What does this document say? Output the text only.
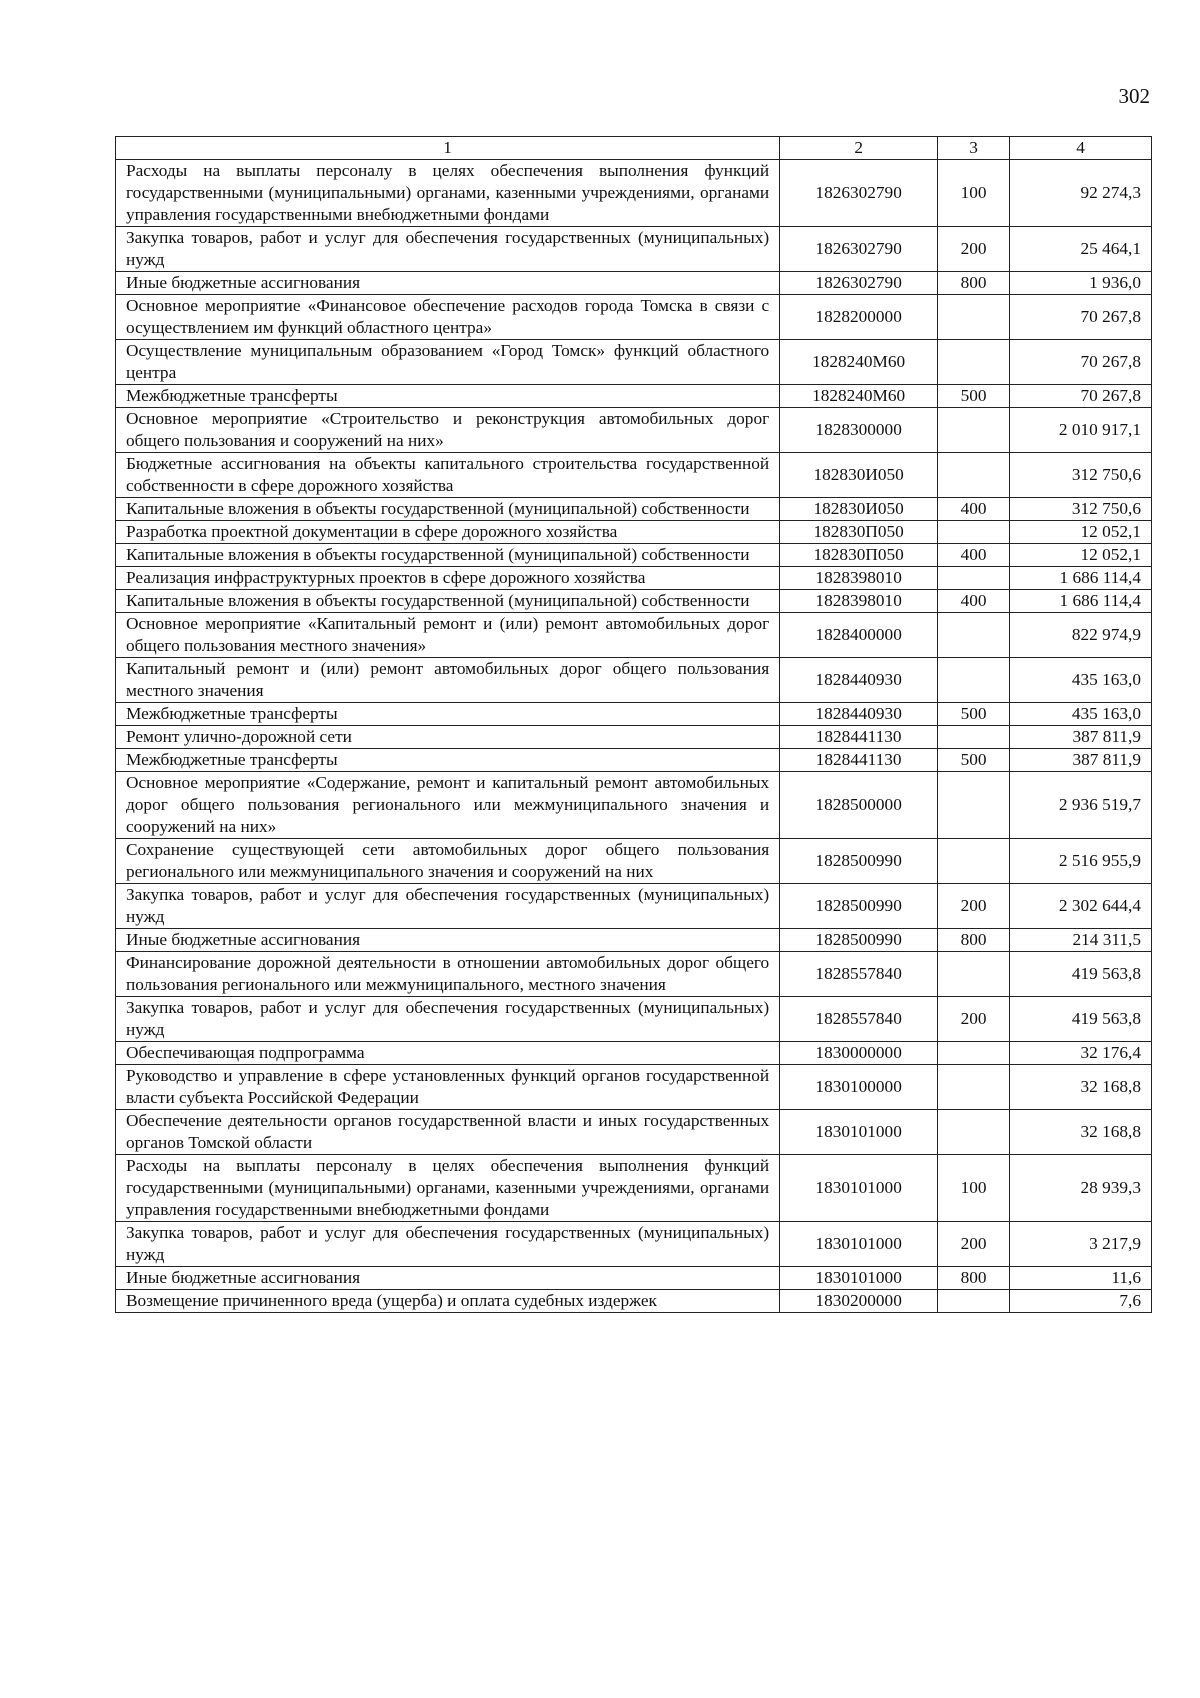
302
1	2	3	4
Расходы на выплаты персоналу в целях обеспечения выполнения функций государственными (муниципальными) органами, казенными учреждениями, органами управления государственными внебюджетными фондами	1826302790	100	92 274,3
Закупка товаров, работ и услуг для обеспечения государственных (муниципальных) нужд	1826302790	200	25 464,1
Иные бюджетные ассигнования	1826302790	800	1 936,0
Основное мероприятие «Финансовое обеспечение расходов города Томска в связи с осуществлением им функций областного центра»	1828200000		70 267,8
Осуществление муниципальным образованием «Город Томск» функций областного центра	1828240М60		70 267,8
Межбюджетные трансферты	1828240М60	500	70 267,8
Основное мероприятие «Строительство и реконструкция автомобильных дорог общего пользования и сооружений на них»	1828300000		2 010 917,1
Бюджетные ассигнования на объекты капитального строительства государственной собственности в сфере дорожного хозяйства	182830И050		312 750,6
Капитальные вложения в объекты государственной (муниципальной) собственности	182830И050	400	312 750,6
Разработка проектной документации в сфере дорожного хозяйства	182830П050		12 052,1
Капитальные вложения в объекты государственной (муниципальной) собственности	182830П050	400	12 052,1
Реализация инфраструктурных проектов в сфере дорожного хозяйства	1828398010		1 686 114,4
Капитальные вложения в объекты государственной (муниципальной) собственности	1828398010	400	1 686 114,4
Основное мероприятие «Капитальный ремонт и (или) ремонт автомобильных дорог общего пользования местного значения»	1828400000		822 974,9
Капитальный ремонт и (или) ремонт автомобильных дорог общего пользования местного значения	1828440930		435 163,0
Межбюджетные трансферты	1828440930	500	435 163,0
Ремонт улично-дорожной сети	1828441130		387 811,9
Межбюджетные трансферты	1828441130	500	387 811,9
Основное мероприятие «Содержание, ремонт и капитальный ремонт автомобильных дорог общего пользования регионального или межмуниципального значения и сооружений на них»	1828500000		2 936 519,7
Сохранение существующей сети автомобильных дорог общего пользования регионального или межмуниципального значения и сооружений на них	1828500990		2 516 955,9
Закупка товаров, работ и услуг для обеспечения государственных (муниципальных) нужд	1828500990	200	2 302 644,4
Иные бюджетные ассигнования	1828500990	800	214 311,5
Финансирование дорожной деятельности в отношении автомобильных дорог общего пользования регионального или межмуниципального, местного значения	1828557840		419 563,8
Закупка товаров, работ и услуг для обеспечения государственных (муниципальных) нужд	1828557840	200	419 563,8
Обеспечивающая подпрограмма	1830000000		32 176,4
Руководство и управление в сфере установленных функций органов государственной власти субъекта Российской Федерации	1830100000		32 168,8
Обеспечение деятельности органов государственной власти и иных государственных органов Томской области	1830101000		32 168,8
Расходы на выплаты персоналу в целях обеспечения выполнения функций государственными (муниципальными) органами, казенными учреждениями, органами управления государственными внебюджетными фондами	1830101000	100	28 939,3
Закупка товаров, работ и услуг для обеспечения государственных (муниципальных) нужд	1830101000	200	3 217,9
Иные бюджетные ассигнования	1830101000	800	11,6
Возмещение причиненного вреда (ущерба) и оплата судебных издержек	1830200000		7,6
